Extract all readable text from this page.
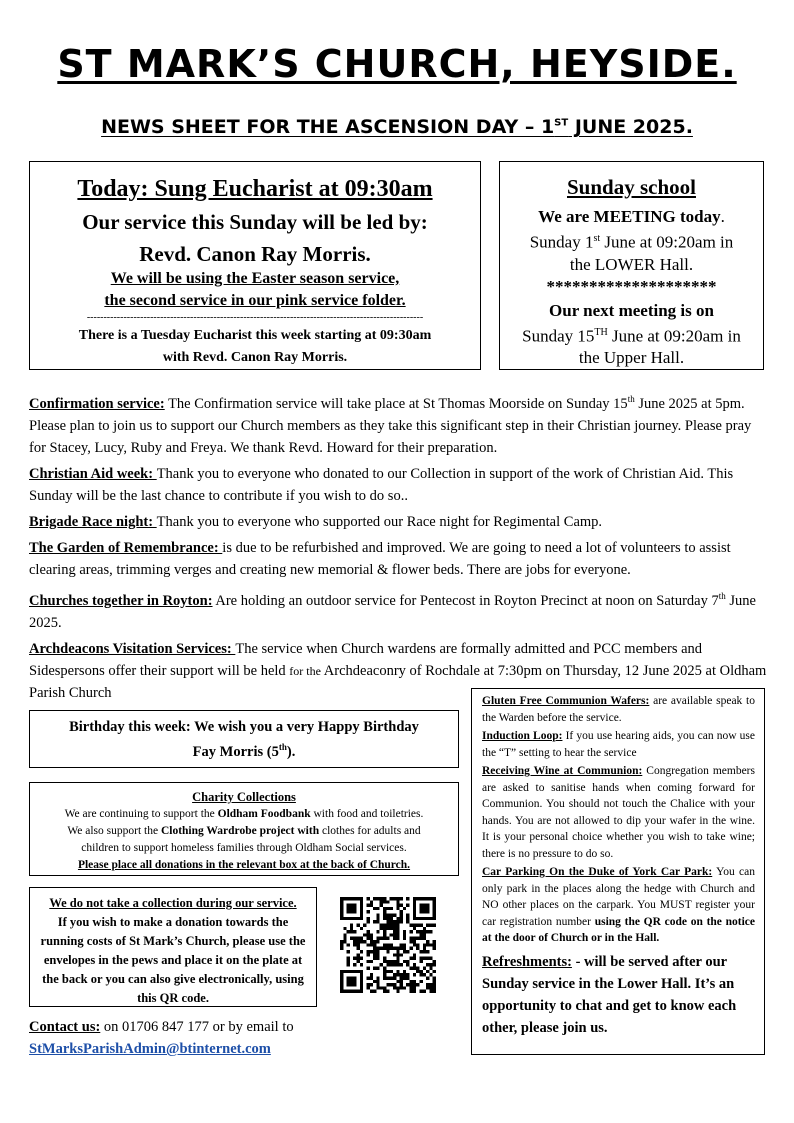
ST MARK’S CHURCH, HEYSIDE.
NEWS SHEET FOR THE ASCENSION DAY – 1ST JUNE 2025.
Today: Sung Eucharist at 09:30am
Our service this Sunday will be led by:
Revd. Canon Ray Morris.
We will be using the Easter season service,
the second service in our pink service folder.
-----------------------------------------------------------------------------------------------------
There is a Tuesday Eucharist this week starting at 09:30am
with Revd. Canon Ray Morris.
Sunday school
We are MEETING today.
Sunday 1st June at 09:20am in
the LOWER Hall.
********************
Our next meeting is on
Sunday 15TH June at 09:20am in
the Upper Hall.

Confirmation service: The Confirmation service will take place at St Thomas Moorside on Sunday 15th June 2025 at 5pm. Please plan to join us to support our Church members as they take this significant step in their Christian journey. Please pray for Stacey, Lucy, Ruby and Freya. We thank Revd. Howard for their preparation.

Christian Aid week: Thank you to everyone who donated to our Collection in support of the work of Christian Aid. This Sunday will be the last chance to contribute if you wish to do so..

Brigade Race night: Thank you to everyone who supported our Race night for Regimental Camp.

The Garden of Remembrance: is due to be refurbished and improved. We are going to need a lot of volunteers to assist clearing areas, trimming verges and creating new memorial & flower beds. There are jobs for everyone.

Churches together in Royton: Are holding an outdoor service for Pentecost in Royton Precinct at noon on Saturday 7th June 2025.

Archdeacons Visitation Services: The service when Church wardens are formally admitted and PCC members and Sidespersons offer their support will be held for the Archdeaconry of Rochdale at 7:30pm on Thursday, 12 June 2025 at Oldham Parish Church

Birthday this week: We wish you a very Happy Birthday
Fay Morris (5th).
Charity Collections
We are continuing to support the Oldham Foodbank with food and toiletries.
We also support the Clothing Wardrobe project with clothes for adults and
children to support homeless families through Oldham Social services.
Please place all donations in the relevant box at the back of Church.
We do not take a collection during our service.
If you wish to make a donation towards the running costs of St Mark’s Church, please use the envelopes in the pews and place it on the plate at the back or you can also give electronically, using this QR code.
Contact us: on 01706 847 177 or by email to
StMarksParishAdmin@btinternet.com

Gluten Free Communion Wafers: are available speak to the Warden before the service.

Induction Loop: If you use hearing aids, you can now use the “T” setting to hear the service

Receiving Wine at Communion: Congregation members are asked to sanitise hands when coming forward for Communion. You should not touch the Chalice with your hands. You are not allowed to dip your wafer in the wine. It is your personal choice whether you wish to take wine; there is no pressure to do so.

Car Parking On the Duke of York Car Park: You can only park in the places along the hedge with Church and NO other places on the carpark. You MUST register your car registration number using the QR code on the notice at the door of Church or in the Hall.

Refreshments: - will be served after our Sunday service in the Lower Hall. It’s an opportunity to chat and get to know each other, please join us.
